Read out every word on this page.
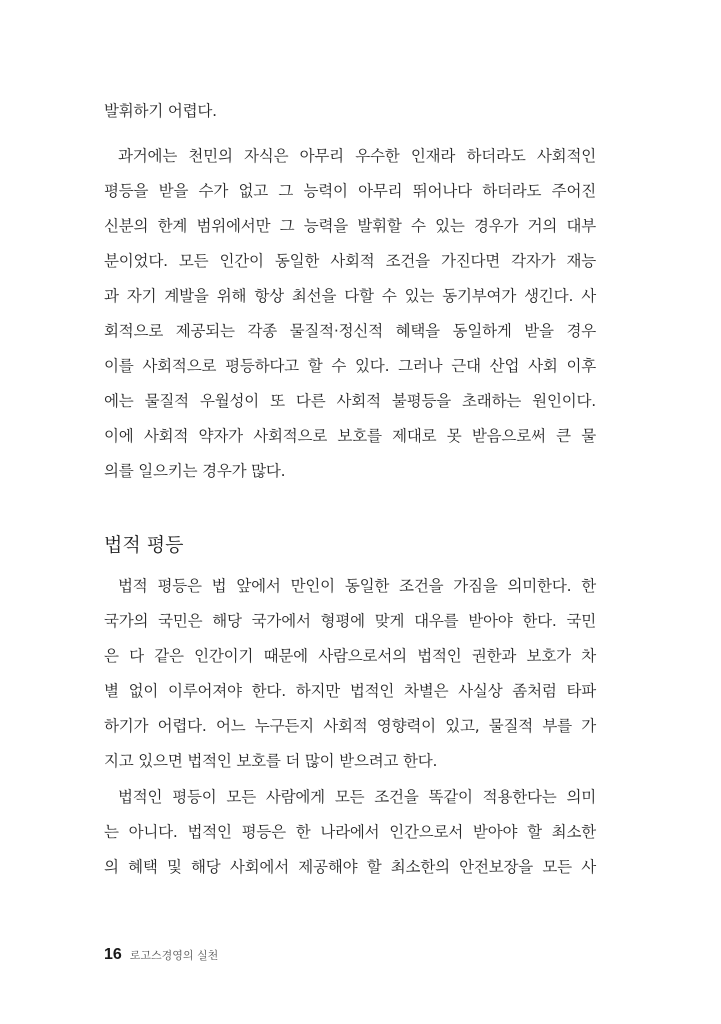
발휘하기 어렵다.
과거에는 천민의 자식은 아무리 우수한 인재라 하더라도 사회적인
평등을 받을 수가 없고 그 능력이 아무리 뛰어나다 하더라도 주어진
신분의 한계 범위에서만 그 능력을 발휘할 수 있는 경우가 거의 대부
분이었다. 모든 인간이 동일한 사회적 조건을 가진다면 각자가 재능
과 자기 계발을 위해 항상 최선을 다할 수 있는 동기부여가 생긴다. 사
회적으로 제공되는 각종 물질적·정신적 혜택을 동일하게 받을 경우
이를 사회적으로 평등하다고 할 수 있다. 그러나 근대 산업 사회 이후
에는 물질적 우월성이 또 다른 사회적 불평등을 초래하는 원인이다.
이에 사회적 약자가 사회적으로 보호를 제대로 못 받음으로써 큰 물
의를 일으키는 경우가 많다.
법적 평등
법적 평등은 법 앞에서 만인이 동일한 조건을 가짐을 의미한다. 한
국가의 국민은 해당 국가에서 형평에 맞게 대우를 받아야 한다. 국민
은 다 같은 인간이기 때문에 사람으로서의 법적인 권한과 보호가 차
별 없이 이루어져야 한다. 하지만 법적인 차별은 사실상 좀처럼 타파
하기가 어렵다. 어느 누구든지 사회적 영향력이 있고, 물질적 부를 가
지고 있으면 법적인 보호를 더 많이 받으려고 한다.
법적인 평등이 모든 사람에게 모든 조건을 똑같이 적용한다는 의미
는 아니다. 법적인 평등은 한 나라에서 인간으로서 받아야 할 최소한
의 혜택 및 해당 사회에서 제공해야 할 최소한의 안전보장을 모든 사
16 로고스경영의 실천
